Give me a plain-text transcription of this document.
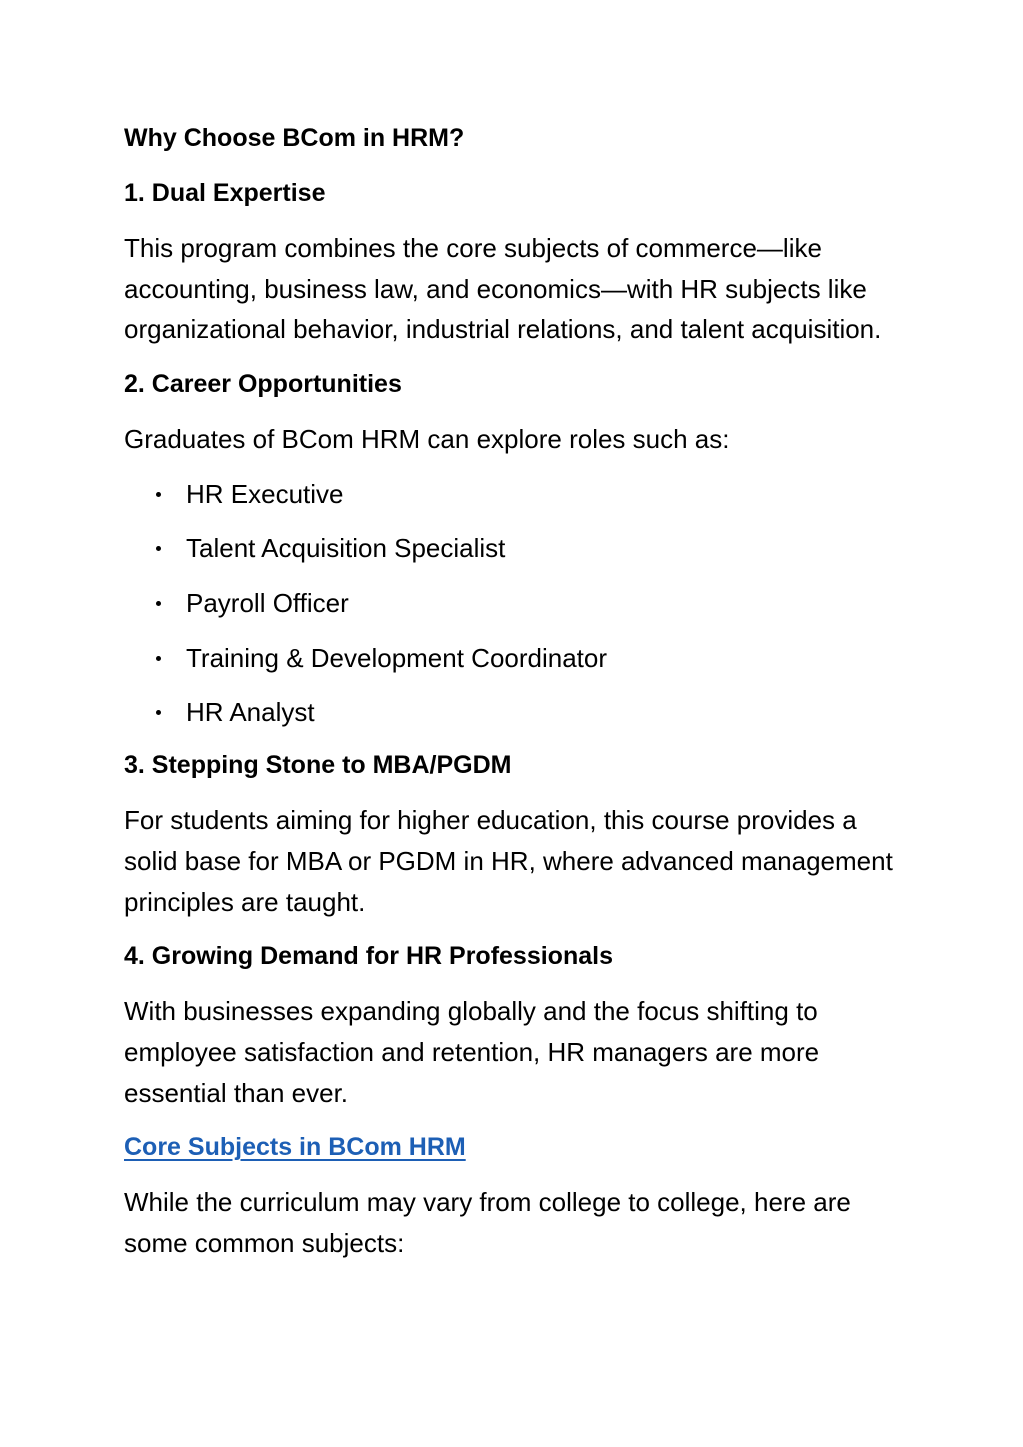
Why Choose BCom in HRM?
1. Dual Expertise
This program combines the core subjects of commerce—like accounting, business law, and economics—with HR subjects like organizational behavior, industrial relations, and talent acquisition.
2. Career Opportunities
Graduates of BCom HRM can explore roles such as:
HR Executive
Talent Acquisition Specialist
Payroll Officer
Training & Development Coordinator
HR Analyst
3. Stepping Stone to MBA/PGDM
For students aiming for higher education, this course provides a solid base for MBA or PGDM in HR, where advanced management principles are taught.
4. Growing Demand for HR Professionals
With businesses expanding globally and the focus shifting to employee satisfaction and retention, HR managers are more essential than ever.
Core Subjects in BCom HRM
While the curriculum may vary from college to college, here are some common subjects:
